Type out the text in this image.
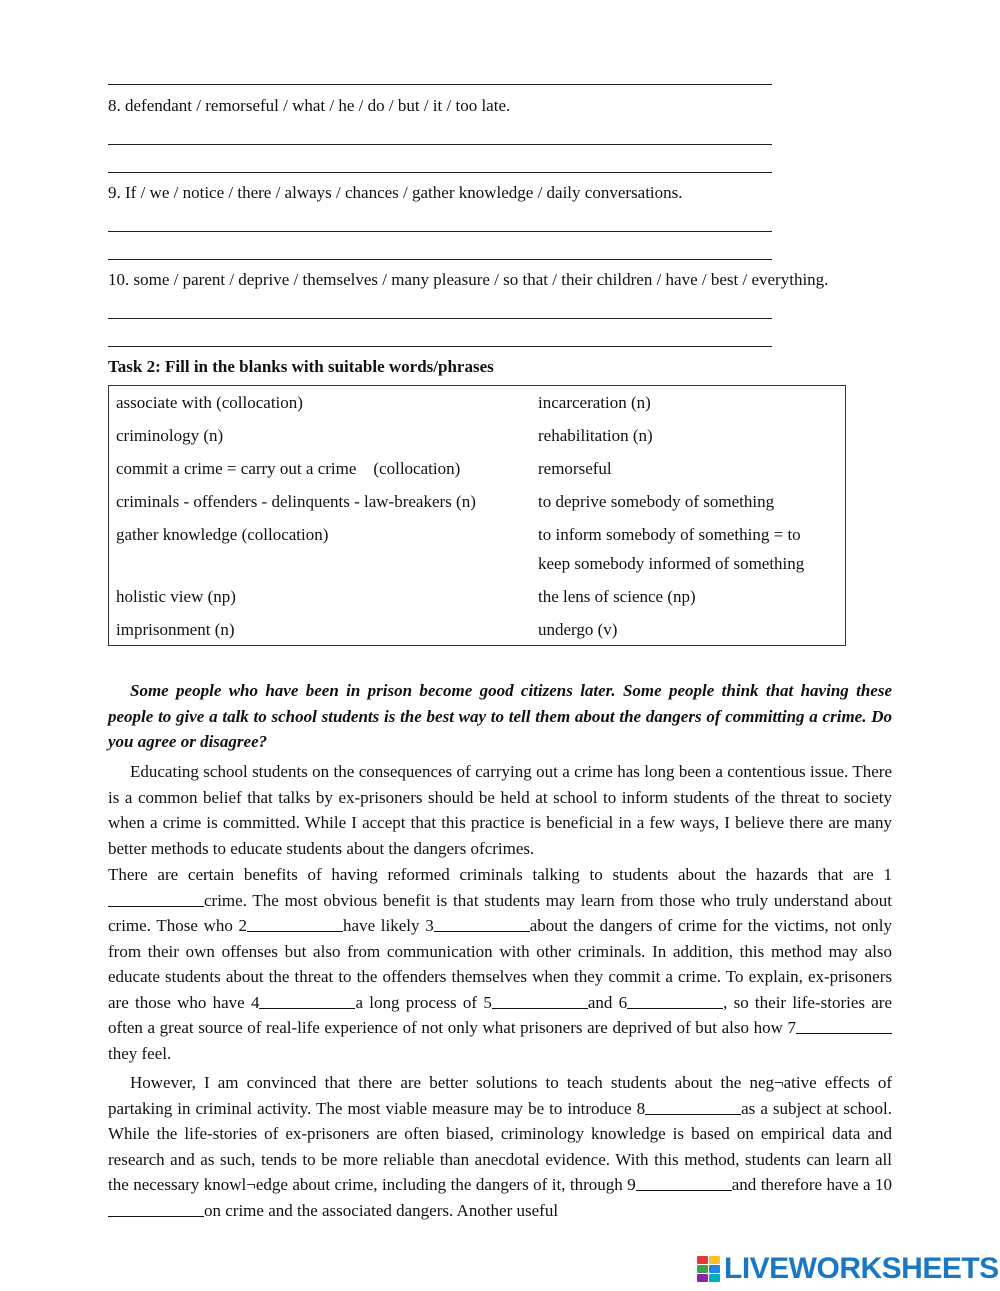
8. defendant / remorseful / what / he / do / but / it / too late.
9. If / we / notice / there / always / chances / gather knowledge / daily conversations.
10. some / parent / deprive / themselves / many pleasure / so that / their children / have / best / everything.
Task 2: Fill in the blanks with suitable words/phrases
associate with (collocation)	incarceration (n)
criminology (n)	rehabilitation (n)
commit a crime = carry out a crime    (collocation)	remorseful
criminals - offenders - delinquents - law-breakers (n)	to deprive somebody of something
gather knowledge (collocation)	to inform somebody of something = to
keep somebody informed of something

holistic view (np)	the lens of science (np)
imprisonment (n)	undergo (v)
Some people who have been in prison become good citizens later. Some people think that having these people to give a talk to school students is the best way to tell them about the dangers of committing a crime. Do you agree or disagree?
Educating school students on the consequences of carrying out a crime has long been a contentious issue. There is a common belief that talks by ex-prisoners should be held at school to inform students of the threat to society when a crime is committed. While I accept that this practice is beneficial in a few ways, I believe there are many better methods to educate students about the dangers ofcrimes.
There are certain benefits of having reformed criminals talking to students about the hazards that are 1crime. The most obvious benefit is that students may learn from those who truly understand about crime. Those who 2	have likely 3	about the dangers of crime for the victims, not only from their own offenses but also from communication with other criminals. In addition, this method may also educate students about the threat to the offenders themselves when they commit a crime. To explain, ex-prisoners are those who have 4	a long process of 5	and 6	, so their life-stories are often a great source of real-life experience of not only what prisoners are deprived of but also how 7they feel.
However, I am convinced that there are better solutions to teach students about the neg¬ative effects of partaking in criminal activity. The most viable measure may be to introduce 8	as a subject at school. While the life-stories of ex-prisoners are often biased, criminology knowledge is based on empirical data and research and as such, tends to be more reliable than anecdotal evidence. With this method, students can learn all the necessary knowl¬edge about crime, including the dangers of it, through 9	and therefore have a 10on crime and the associated dangers. Another useful
LIVEWORKSHEETS
